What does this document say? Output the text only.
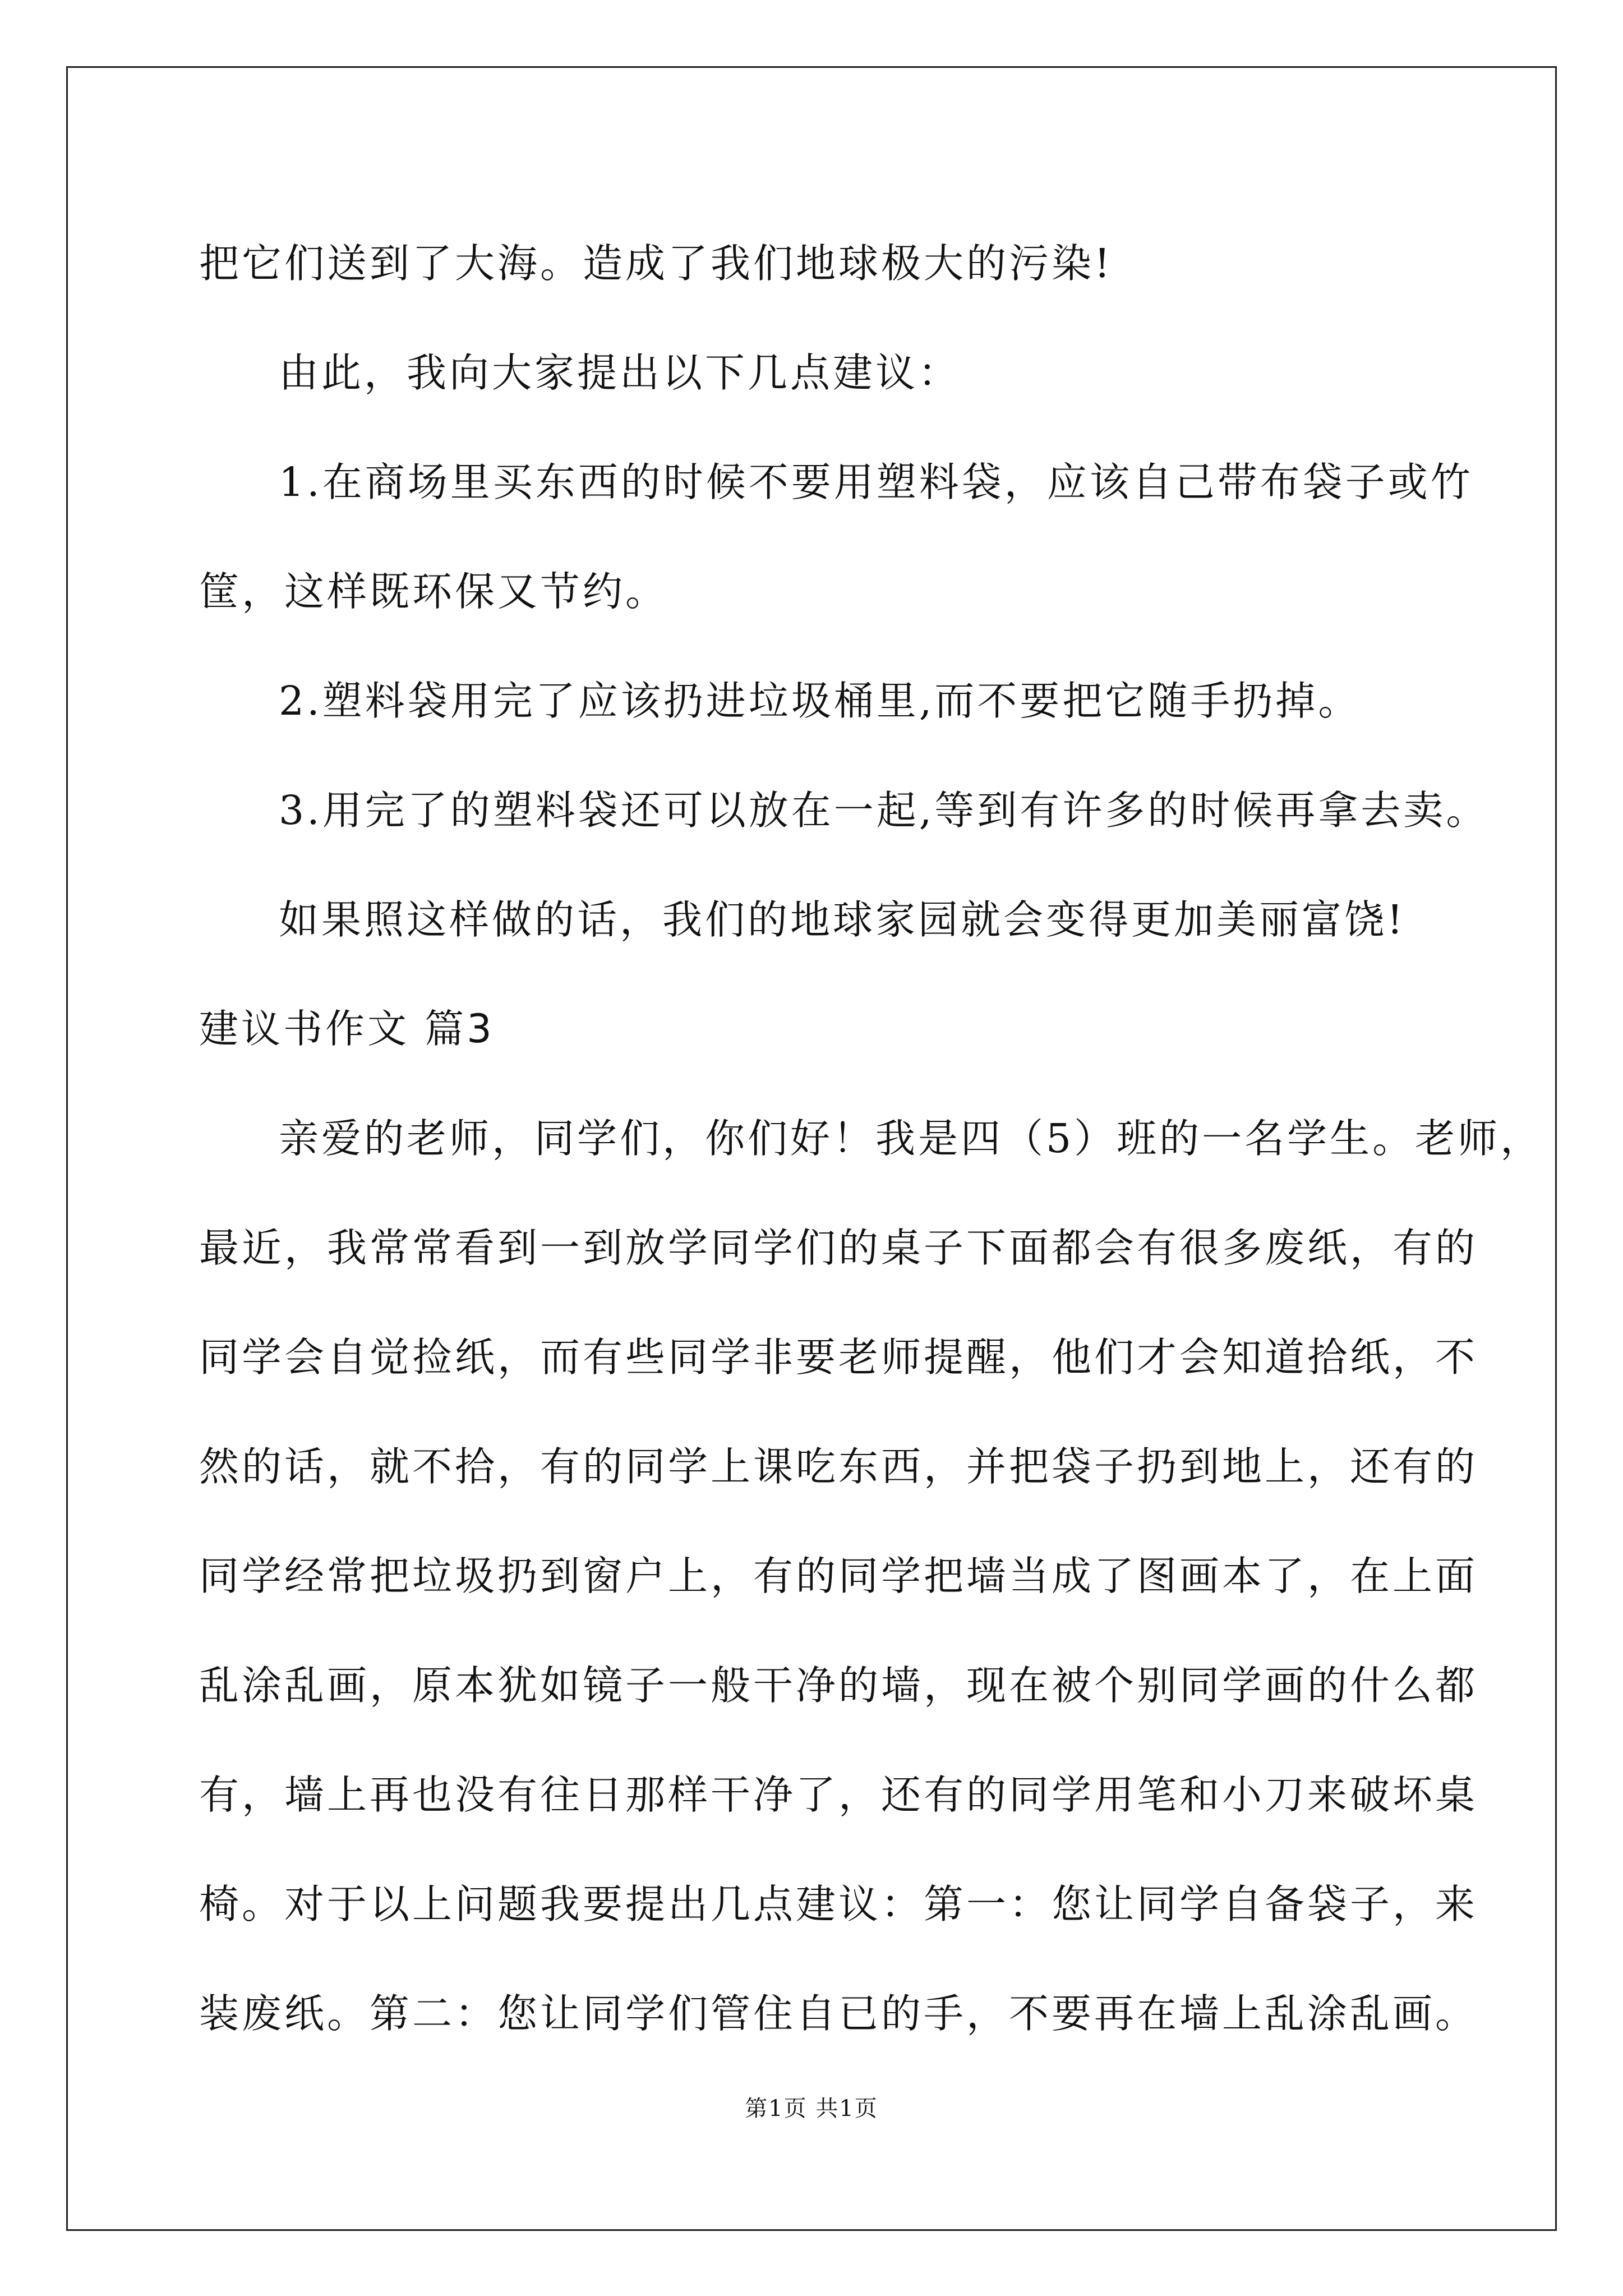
把它们送到了大海。造成了我们地球极大的污染!
由此，我向大家提出以下几点建议：
1.在商场里买东西的时候不要用塑料袋，应该自己带布袋子或竹
筐，这样既环保又节约。
2.塑料袋用完了应该扔进垃圾桶里,而不要把它随手扔掉。
3.用完了的塑料袋还可以放在一起,等到有许多的时候再拿去卖。
如果照这样做的话，我们的地球家园就会变得更加美丽富饶!
建议书作文 篇3
亲爱的老师，同学们，你们好！我是四（5）班的一名学生。老师，
最近，我常常看到一到放学同学们的桌子下面都会有很多废纸，有的
同学会自觉捡纸，而有些同学非要老师提醒，他们才会知道拾纸，不
然的话，就不拾，有的同学上课吃东西，并把袋子扔到地上，还有的
同学经常把垃圾扔到窗户上，有的同学把墙当成了图画本了，在上面
乱涂乱画，原本犹如镜子一般干净的墙，现在被个别同学画的什么都
有，墙上再也没有往日那样干净了，还有的同学用笔和小刀来破坏桌
椅。对于以上问题我要提出几点建议：第一：您让同学自备袋子，来
装废纸。第二：您让同学们管住自已的手，不要再在墙上乱涂乱画。
第1页 共1页
